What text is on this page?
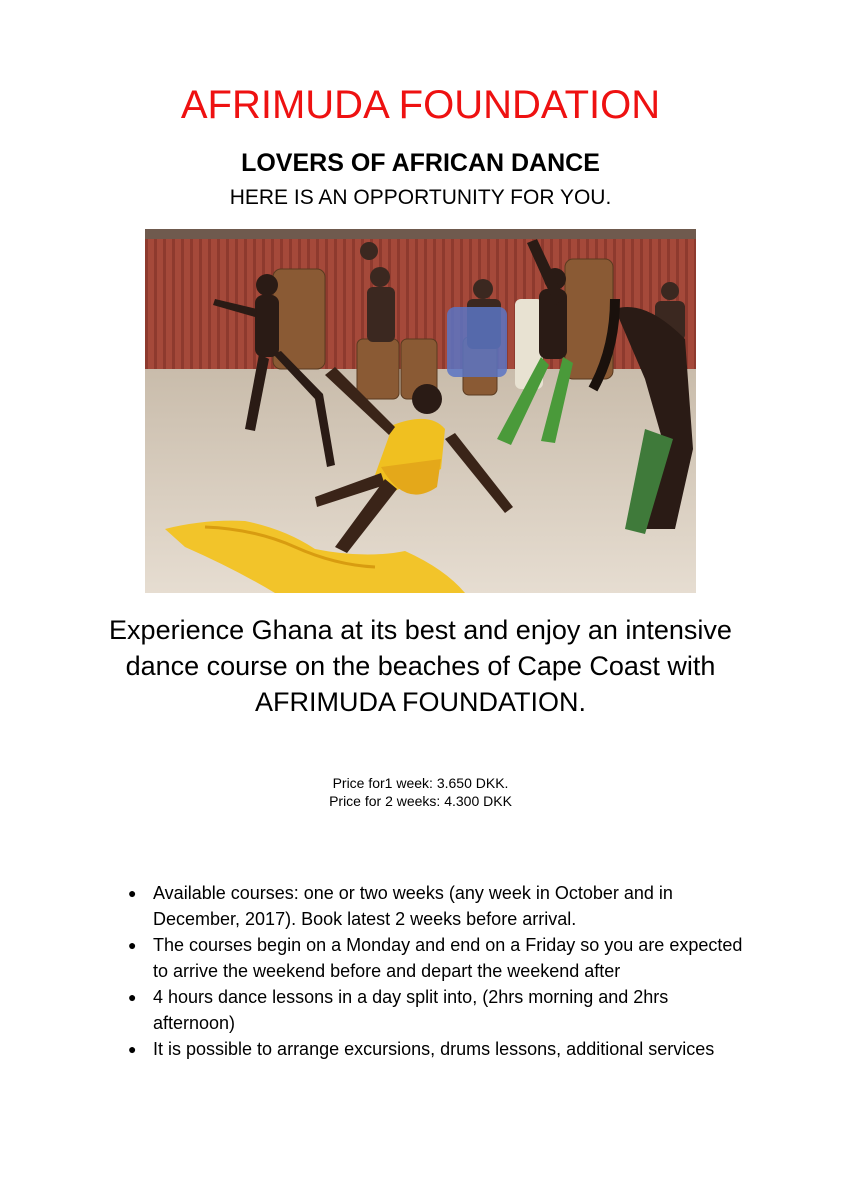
AFRIMUDA FOUNDATION
LOVERS OF AFRICAN DANCE
HERE IS AN OPPORTUNITY FOR YOU.
Experience Ghana at its best and enjoy an intensive dance course on the beaches of Cape Coast with AFRIMUDA FOUNDATION.
Price for1 week: 3.650 DKK.
Price for 2 weeks: 4.300 DKK
● Available courses: one or two weeks (any week in October and in December, 2017). Book latest 2 weeks before arrival.
● The courses begin on a Monday and end on a Friday so you are expected to arrive the weekend before and depart the weekend after
● 4 hours dance lessons in a day split into, (2hrs morning and 2hrs afternoon)
● It is possible to arrange excursions, drums lessons, additional services
